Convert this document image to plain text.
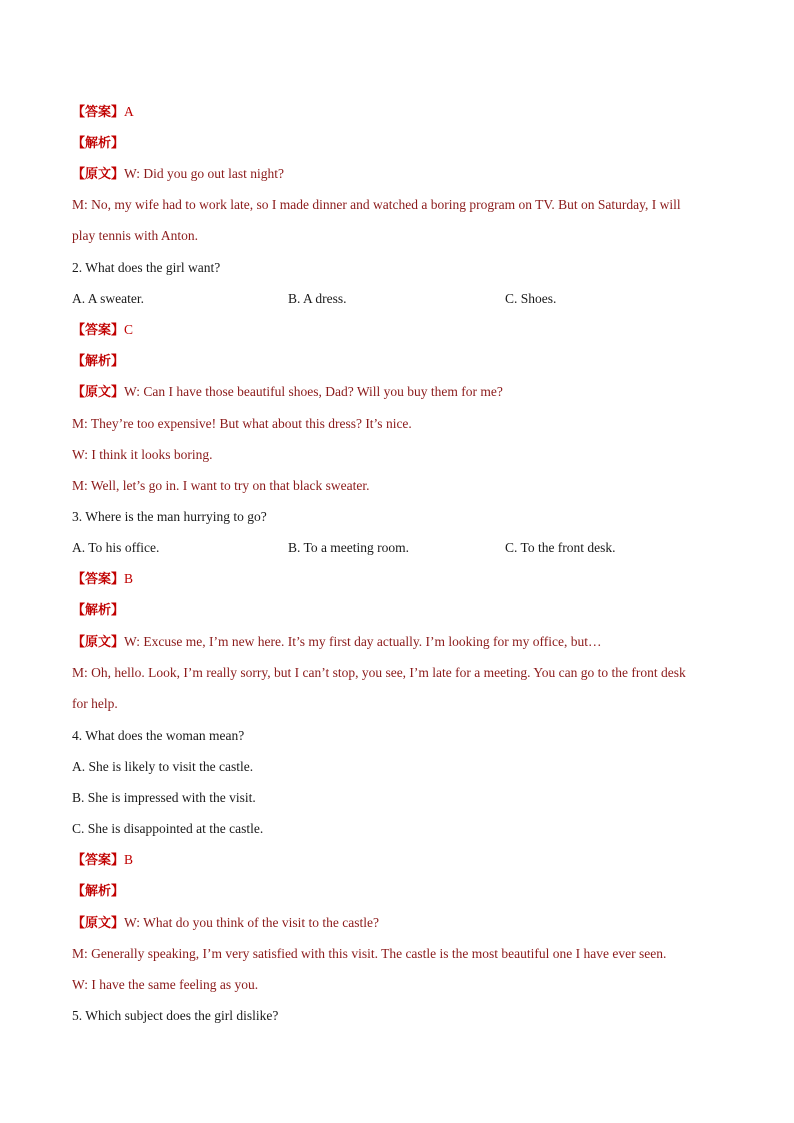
【答案】A
【解析】
【原文】W: Did you go out last night?
M: No, my wife had to work late, so I made dinner and watched a boring program on TV. But on Saturday, I will
play tennis with Anton.
2. What does the girl want?
A. A sweater.	B. A dress.	C. Shoes.
【答案】C
【解析】
【原文】W: Can I have those beautiful shoes, Dad? Will you buy them for me?
M: They’re too expensive! But what about this dress? It’s nice.
W: I think it looks boring.
M: Well, let’s go in. I want to try on that black sweater.
3. Where is the man hurrying to go?
A. To his office.	B. To a meeting room.	C. To the front desk.
【答案】B
【解析】
【原文】W: Excuse me, I’m new here. It’s my first day actually. I’m looking for my office, but…
M: Oh, hello. Look, I’m really sorry, but I can’t stop, you see, I’m late for a meeting. You can go to the front desk
for help.
4. What does the woman mean?
A. She is likely to visit the castle.
B. She is impressed with the visit.
C. She is disappointed at the castle.
【答案】B
【解析】
【原文】W: What do you think of the visit to the castle?
M: Generally speaking, I’m very satisfied with this visit. The castle is the most beautiful one I have ever seen.
W: I have the same feeling as you.
5. Which subject does the girl dislike?
